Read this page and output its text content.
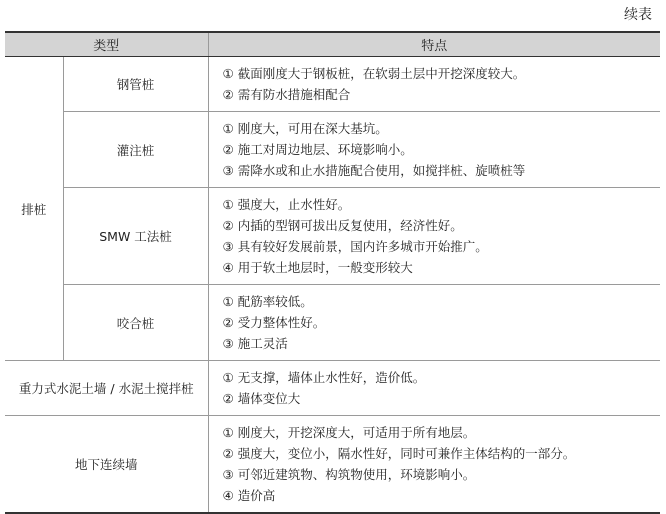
续表
类型		特点
排桩	钢管桩	① 截面刚度大于钢板桩，在软弱土层中开挖深度较大。
② 需有防水措施相配合

	灌注桩	① 刚度大，可用在深大基坑。
② 施工对周边地层、环境影响小。
③ 需降水或和止水措施配合使用，如搅拌桩、旋喷桩等

	SMW 工法桩	① 强度大，止水性好。
② 内插的型钢可拔出反复使用，经济性好。
③ 具有较好发展前景，国内许多城市开始推广。
④ 用于软土地层时，一般变形较大

	咬合桩	① 配筋率较低。
② 受力整体性好。
③ 施工灵活

重力式水泥土墙 / 水泥土搅拌桩		① 无支撑，墙体止水性好，造价低。
② 墙体变位大

地下连续墙		① 刚度大，开挖深度大，可适用于所有地层。
② 强度大，变位小，隔水性好，同时可兼作主体结构的一部分。
③ 可邻近建筑物、构筑物使用，环境影响小。
④ 造价高
